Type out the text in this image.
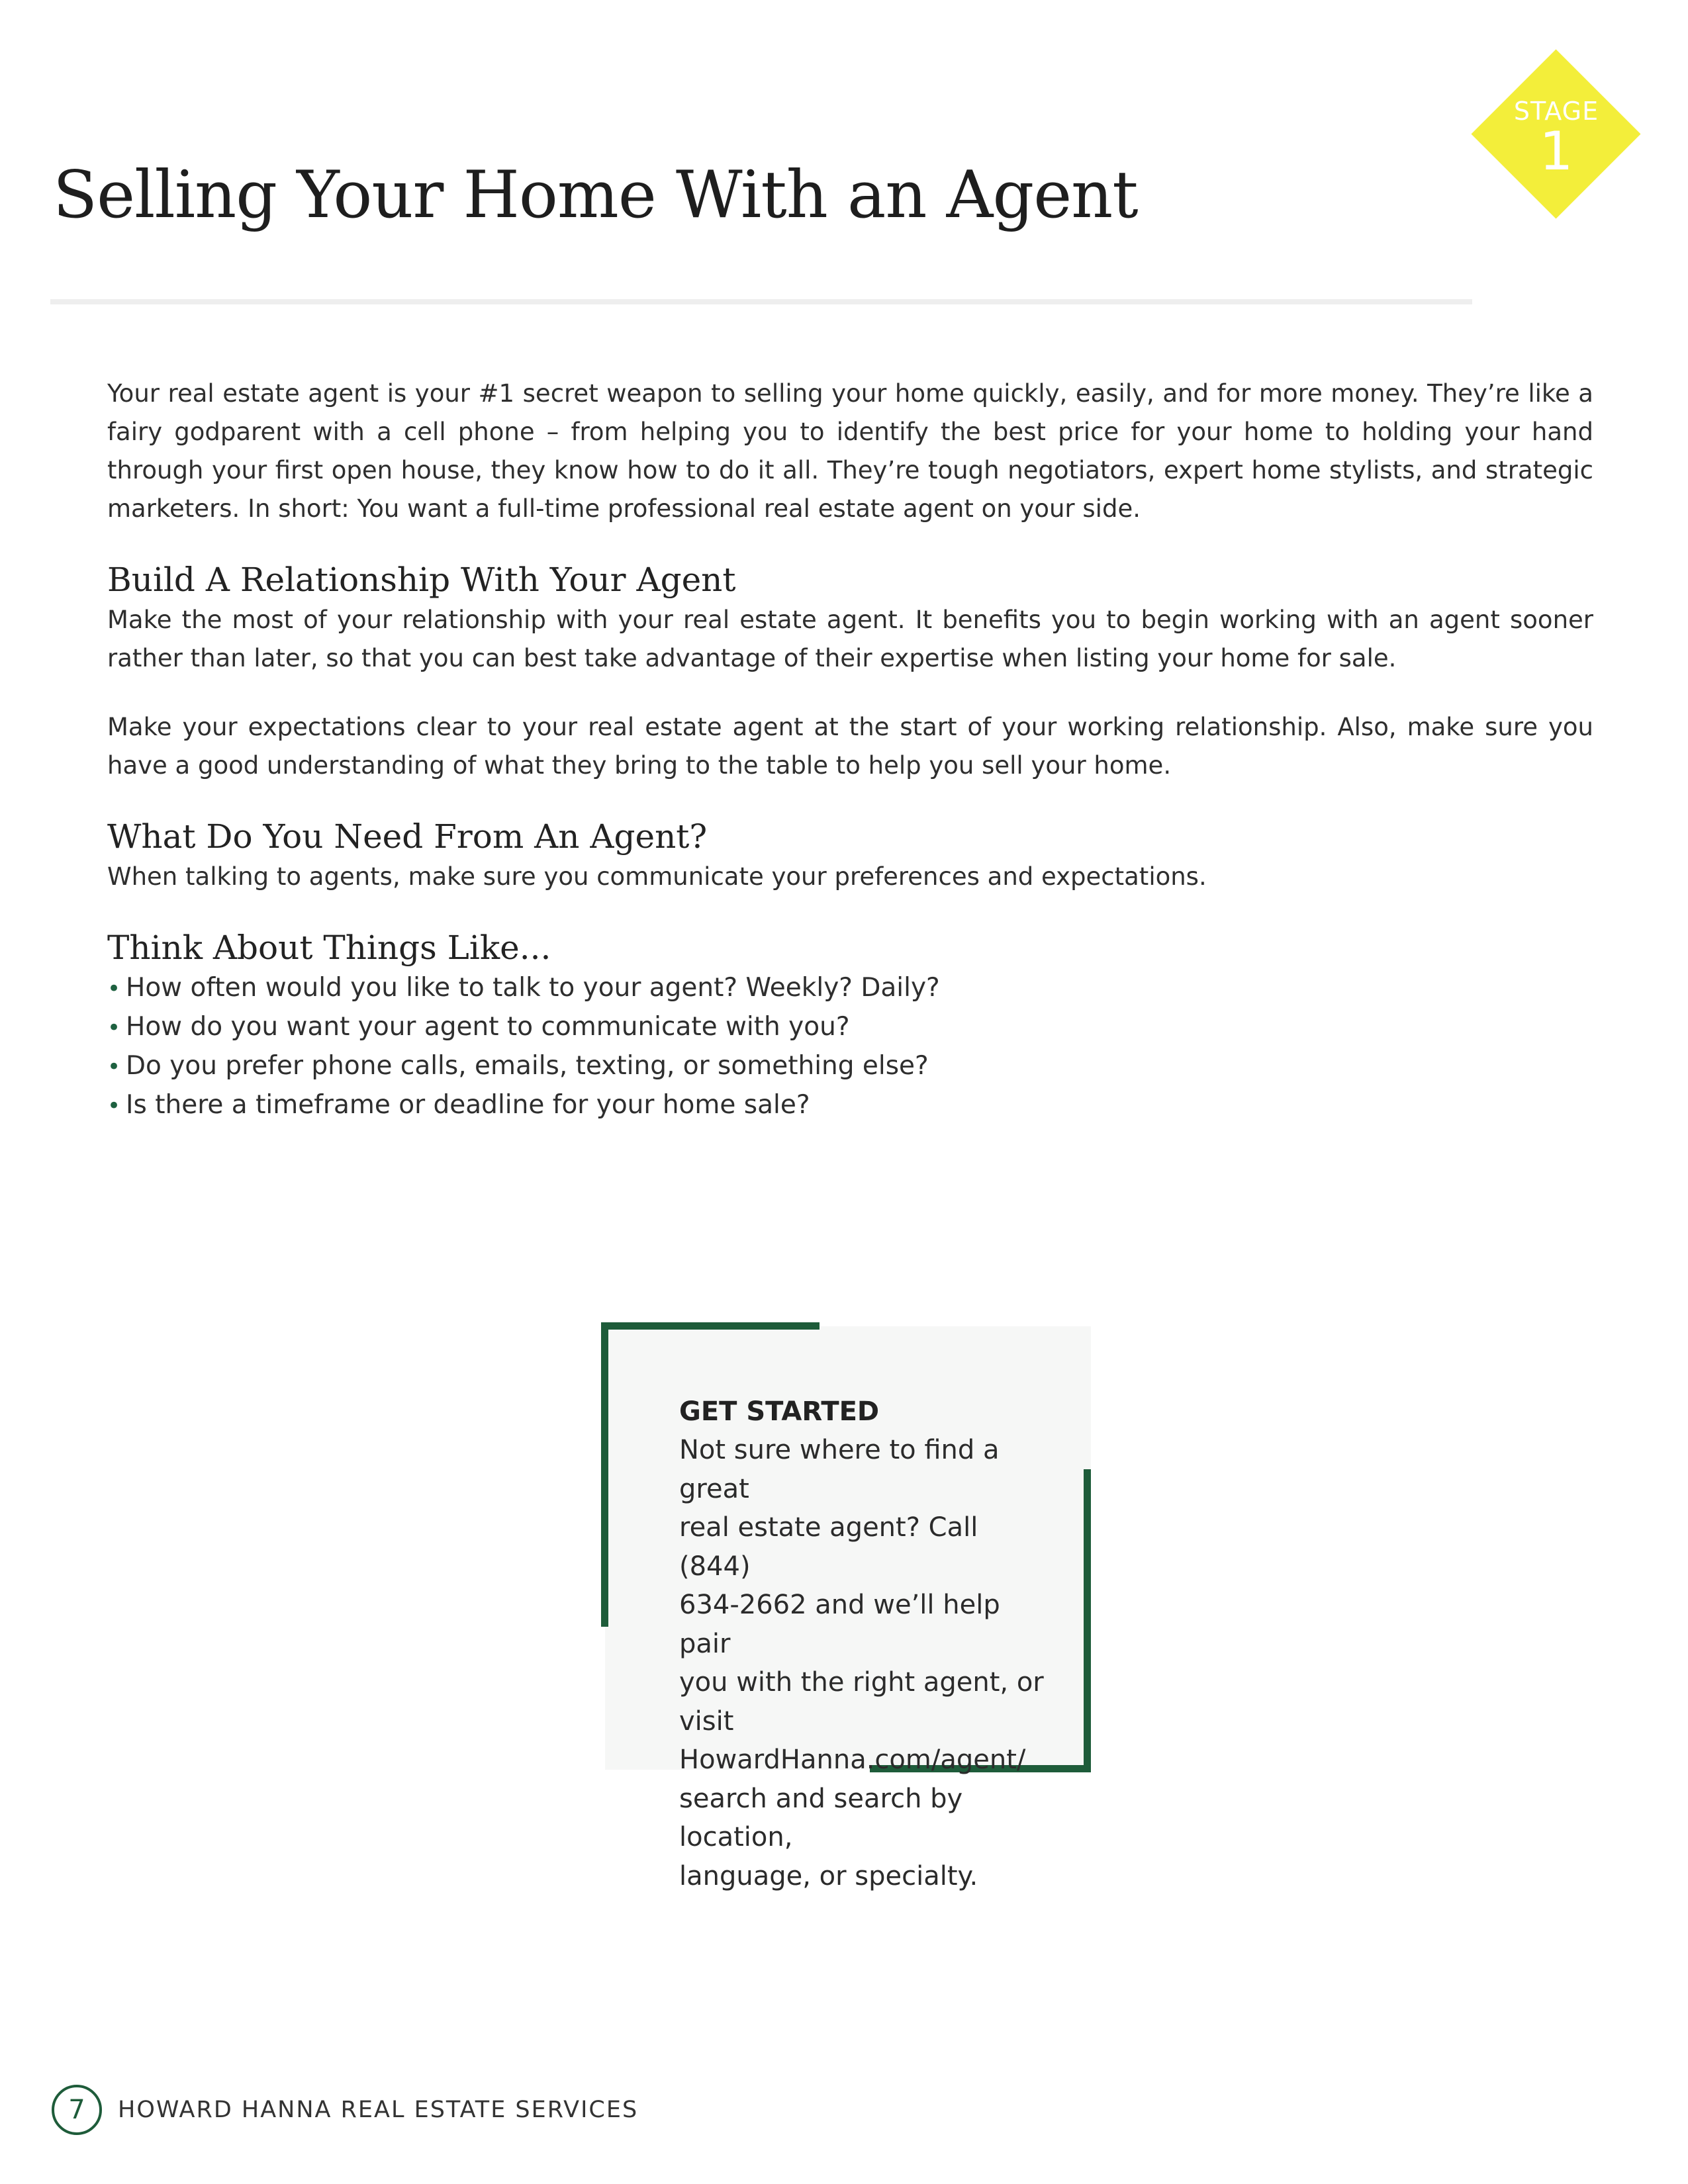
STAGE
1
Selling Your Home With an Agent

Your real estate agent is your #1 secret weapon to selling your home quickly, easily, and for more money. They’re like a fairy godparent with a cell phone – from helping you to identify the best price for your home to holding your hand through your first open house, they know how to do it all. They’re tough negotiators, expert home stylists, and strategic marketers. In short: You want a full-time professional real estate agent on your side.

Build A Relationship With Your Agent

Make the most of your relationship with your real estate agent. It benefits you to begin working with an agent sooner rather than later, so that you can best take advantage of their expertise when listing your home for sale.

Make your expectations clear to your real estate agent at the start of your working relationship. Also, make sure you have a good understanding of what they bring to the table to help you sell your home.

What Do You Need From An Agent?

When talking to agents, make sure you communicate your preferences and expectations.

Think About Things Like...
• How often would you like to talk to your agent? Weekly? Daily?
• How do you want your agent to communicate with you?
• Do you prefer phone calls, emails, texting, or something else?
• Is there a timeframe or deadline for your home sale?

GET STARTED

Not sure where to find a great

real estate agent? Call (844)

634-2662 and we’ll help pair

you with the right agent, or visit

HowardHanna.com/agent/

search and search by location,

language, or specialty.

7	HOWARD HANNA REAL ESTATE SERVICES
